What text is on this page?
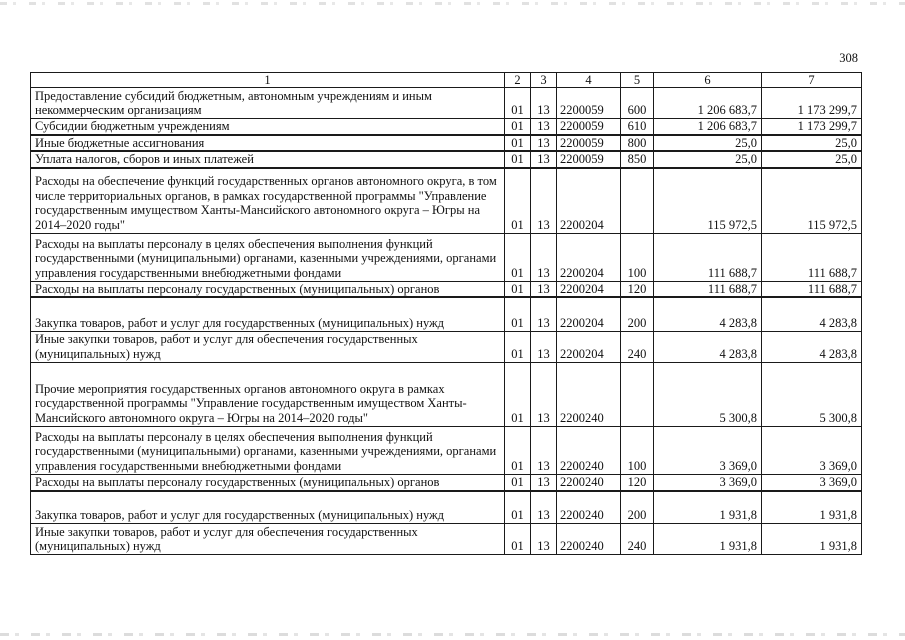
308
1	2	3	4	5	6	7
Предоставление субсидий бюджетным, автономным учреждениям и иным некоммерческим организациям	01	13	2200059	600	1 206 683,7	1 173 299,7
Субсидии бюджетным учреждениям	01	13	2200059	610	1 206 683,7	1 173 299,7
Иные бюджетные ассигнования	01	13	2200059	800	25,0	25,0
Уплата налогов, сборов и иных платежей	01	13	2200059	850	25,0	25,0
Расходы на обеспечение функций государственных органов автономного округа, в том числе территориальных органов, в рамках государственной программы "Управление государственным имуществом Ханты-Мансийского автономного округа – Югры на 2014–2020 годы"	01	13	2200204		115 972,5	115 972,5
Расходы на выплаты персоналу в целях обеспечения выполнения функций государственными (муниципальными) органами, казенными учреждениями, органами управления государственными внебюджетными фондами	01	13	2200204	100	111 688,7	111 688,7
Расходы на выплаты персоналу государственных (муниципальных) органов	01	13	2200204	120	111 688,7	111 688,7
Закупка товаров, работ и услуг для государственных (муниципальных) нужд	01	13	2200204	200	4 283,8	4 283,8
Иные закупки товаров, работ и услуг для обеспечения государственных (муниципальных) нужд	01	13	2200204	240	4 283,8	4 283,8
Прочие мероприятия государственных органов автономного округа в рамках государственной программы "Управление государственным имуществом Ханты-Мансийского автономного округа – Югры на 2014–2020 годы"	01	13	2200240		5 300,8	5 300,8
Расходы на выплаты персоналу в целях обеспечения выполнения функций государственными (муниципальными) органами, казенными учреждениями, органами управления государственными внебюджетными фондами	01	13	2200240	100	3 369,0	3 369,0
Расходы на выплаты персоналу государственных (муниципальных) органов	01	13	2200240	120	3 369,0	3 369,0
Закупка товаров, работ и услуг для государственных (муниципальных) нужд	01	13	2200240	200	1 931,8	1 931,8
Иные закупки товаров, работ и услуг для обеспечения государственных (муниципальных) нужд	01	13	2200240	240	1 931,8	1 931,8
